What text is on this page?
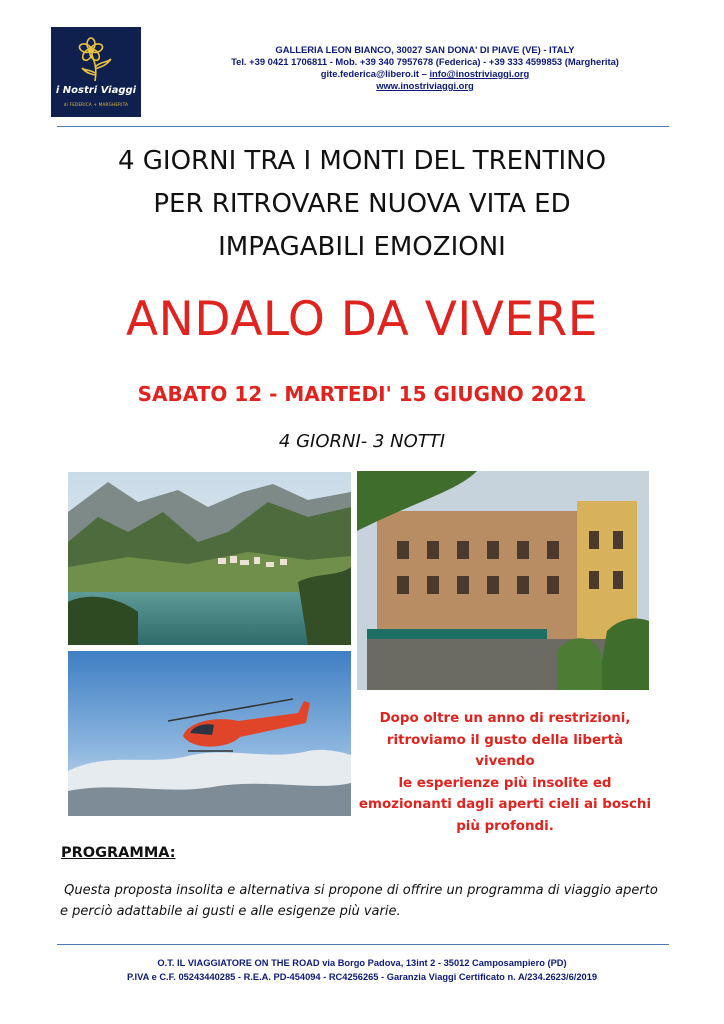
i Nostri Viaggi
di FEDERICA + MARGHERITA
GALLERIA LEON BIANCO, 30027 SAN DONA' DI PIAVE (VE) - ITALY
Tel. +39 0421 1706811 - Mob. +39 340 7957678 (Federica) - +39 333 4599853 (Margherita)
gite.federica@libero.it – info@inostriviaggi.org
www.inostriviaggi.org
4 GIORNI TRA I MONTI DEL TRENTINO
PER RITROVARE NUOVA VITA ED
IMPAGABILI EMOZIONI
ANDALO DA VIVERE
SABATO 12 - MARTEDI' 15 GIUGNO 2021
4 GIORNI- 3 NOTTI
Dopo oltre un anno di restrizioni,
ritroviamo il gusto della libertà vivendo
le esperienze più insolite ed
emozionanti dagli aperti cieli ai boschi
più profondi.
PROGRAMMA:
Questa proposta insolita e alternativa si propone di offrire un programma di viaggio aperto
e perciò adattabile ai gusti e alle esigenze più varie.
O.T. IL VIAGGIATORE ON THE ROAD via Borgo Padova, 13int 2 - 35012 Camposampiero (PD)
P.IVA e C.F. 05243440285 - R.E.A. PD-454094 - RC4256265 - Garanzia Viaggi Certificato n. A/234.2623/6/2019
